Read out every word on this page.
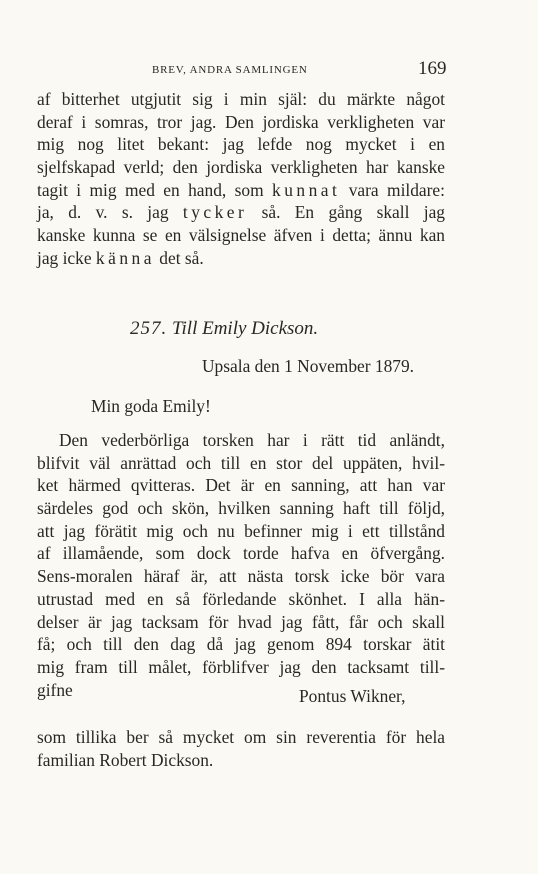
BREV, ANDRA SAMLINGEN	169
af bitterhet utgjutit sig i min själ: du märkte något
deraf i somras, tror jag. Den jordiska verkligheten var
mig nog litet bekant: jag lefde nog mycket i en
sjelfskapad verld; den jordiska verkligheten har kanske
tagit i mig med en hand, som kunnat vara mildare:
ja, d. v. s. jag tycker så. En gång skall jag
kanske kunna se en välsignelse äfven i detta; ännu kan
jag icke känna det så.
257. Till Emily Dickson.
Upsala den 1 November 1879.
Min goda Emily!
Den vederbörliga torsken har i rätt tid anländt,
blifvit väl anrättad och till en stor del uppäten, hvil-
ket härmed qvitteras. Det är en sanning, att han var
särdeles god och skön, hvilken sanning haft till följd,
att jag förätit mig och nu befinner mig i ett tillstånd
af illamående, som dock torde hafva en öfvergång.
Sens-moralen häraf är, att nästa torsk icke bör vara
utrustad med en så förledande skönhet. I alla hän-
delser är jag tacksam för hvad jag fått, får och skall
få; och till den dag då jag genom 894 torskar ätit
mig fram till målet, förblifver jag den tacksamt till-
gifne	Pontus Wikner,
som tillika ber så mycket om sin reverentia för hela
familian Robert Dickson.
